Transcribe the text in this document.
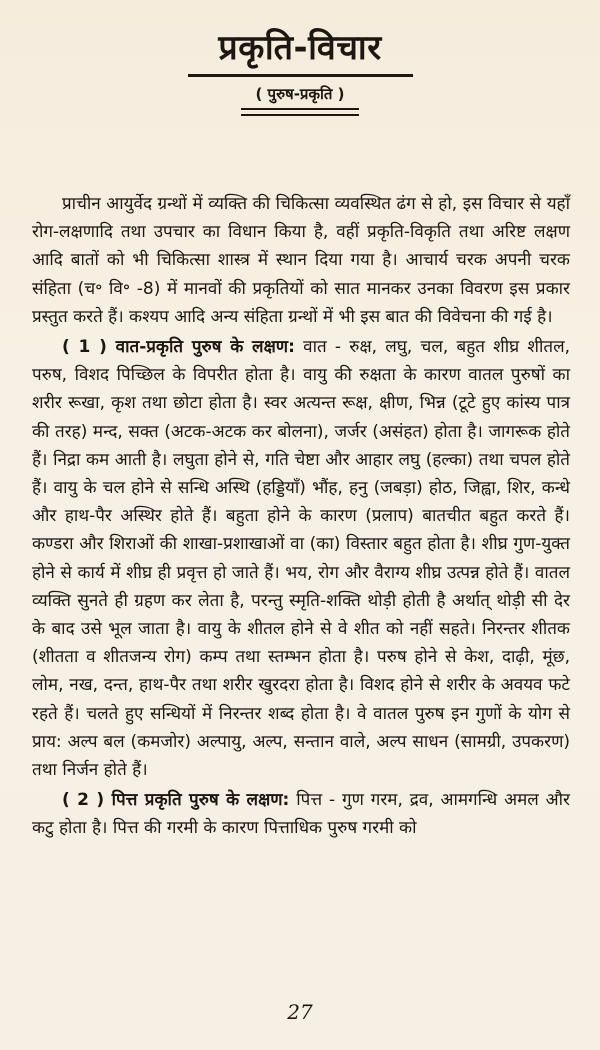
प्रकृति-विचार
( पुरुष-प्रकृति )

प्राचीन आयुर्वेद ग्रन्थों में व्यक्ति की चिकित्सा व्यवस्थित ढंग से हो, इस विचार से यहाँ रोग-लक्षणादि तथा उपचार का विधान किया है, वहीं प्रकृति-विकृति तथा अरिष्ट लक्षण आदि बातों को भी चिकित्सा शास्त्र में स्थान दिया गया है। आचार्य चरक अपनी चरक संहिता (च॰ वि॰ -8) में मानवों की प्रकृतियों को सात मानकर उनका विवरण इस प्रकार प्रस्तुत करते हैं। कश्यप आदि अन्य संहिता ग्रन्थों में भी इस बात की विवेचना की गई है।

( 1 ) वात-प्रकृति पुरुष के लक्षण: वात - रुक्ष, लघु, चल, बहुत शीघ्र शीतल, परुष, विशद पिच्छिल के विपरीत होता है। वायु की रुक्षता के कारण वातल पुरुषों का शरीर रूखा, कृश तथा छोटा होता है। स्वर अत्यन्त रूक्ष, क्षीण, भिन्न (टूटे हुए कांस्य पात्र की तरह) मन्द, सक्त (अटक-अटक कर बोलना), जर्जर (असंहत) होता है। जागरूक होते हैं। निद्रा कम आती है। लघुता होने से, गति चेष्टा और आहार लघु (हल्का) तथा चपल होते हैं। वायु के चल होने से सन्धि अस्थि (हड्डियाँ) भौंह, हनु (जबड़ा) होठ, जिह्वा, शिर, कन्धे और हाथ-पैर अस्थिर होते हैं। बहुता होने के कारण (प्रलाप) बातचीत बहुत करते हैं। कण्डरा और शिराओं की शाखा-प्रशाखाओं वा (का) विस्तार बहुत होता है। शीघ्र गुण-युक्त होने से कार्य में शीघ्र ही प्रवृत्त हो जाते हैं। भय, रोग और वैराग्य शीघ्र उत्पन्न होते हैं। वातल व्यक्ति सुनते ही ग्रहण कर लेता है, परन्तु स्मृति-शक्ति थोड़ी होती है अर्थात् थोड़ी सी देर के बाद उसे भूल जाता है। वायु के शीतल होने से वे शीत को नहीं सहते। निरन्तर शीतक (शीतता व शीतजन्य रोग) कम्प तथा स्तम्भन होता है। परुष होने से केश, दाढ़ी, मूंछ, लोम, नख, दन्त, हाथ-पैर तथा शरीर खुरदरा होता है। विशद होने से शरीर के अवयव फटे रहते हैं। चलते हुए सन्धियों में निरन्तर शब्द होता है। वे वातल पुरुष इन गुणों के योग से प्राय: अल्प बल (कमजोर) अल्पायु, अल्प, सन्तान वाले, अल्प साधन (सामग्री, उपकरण) तथा निर्जन होते हैं।

( 2 ) पित्त प्रकृति पुरुष के लक्षण: पित्त - गुण गरम, द्रव, आमगन्धि अमल और कटु होता है। पित्त की गरमी के कारण पित्ताधिक पुरुष गरमी को

27
